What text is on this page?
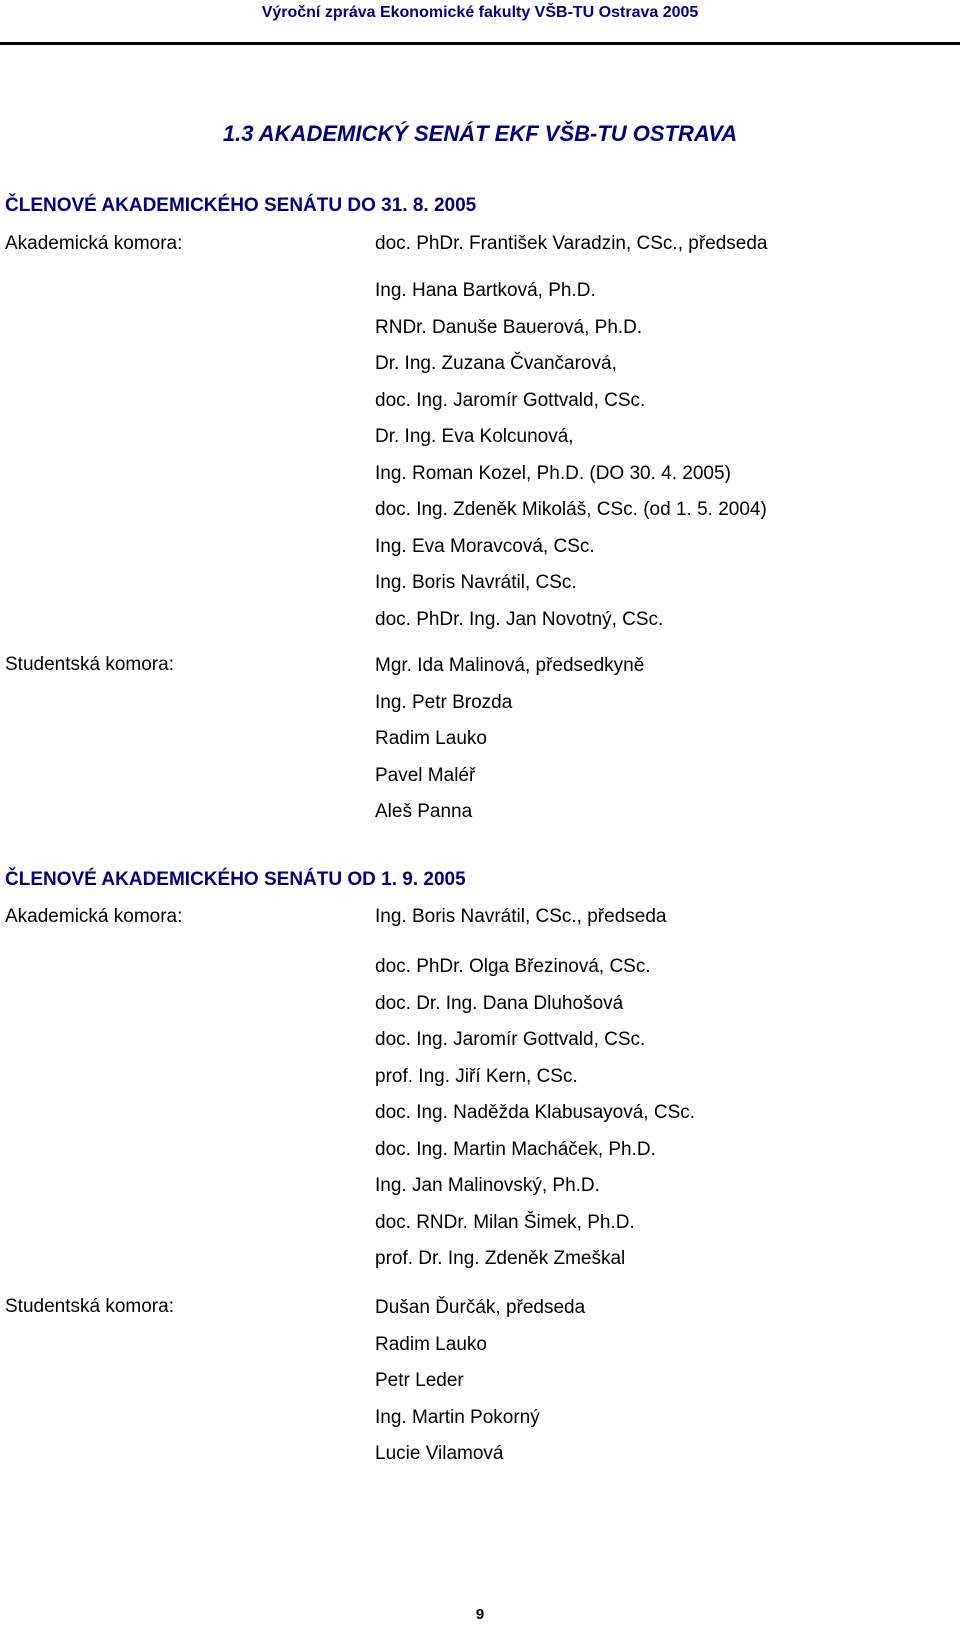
Výroční zpráva Ekonomické fakulty VŠB-TU Ostrava 2005
1.3 AKADEMICKÝ SENÁT EKF VŠB-TU OSTRAVA
ČLENOVÉ AKADEMICKÉHO SENÁTU DO 31. 8. 2005
Akademická komora:	doc. PhDr. František Varadzin, CSc., předseda
Ing. Hana Bartková, Ph.D.
RNDr. Danuše Bauerová, Ph.D.
Dr. Ing. Zuzana Čvančarová,
doc. Ing. Jaromír Gottvald, CSc.
Dr. Ing. Eva Kolcunová,
Ing. Roman Kozel, Ph.D. (DO 30. 4. 2005)
doc. Ing. Zdeněk Mikoláš, CSc. (od 1. 5. 2004)
Ing. Eva Moravcová, CSc.
Ing. Boris Navrátil, CSc.
doc. PhDr. Ing. Jan Novotný, CSc.
Studentská komora:	Mgr. Ida Malinová, předsedkyně
Ing. Petr Brozda
Radim Lauko
Pavel Maléř
Aleš Panna
ČLENOVÉ AKADEMICKÉHO SENÁTU OD 1. 9. 2005
Akademická komora:	Ing. Boris Navrátil, CSc., předseda
doc. PhDr. Olga Březinová, CSc.
doc. Dr. Ing. Dana Dluhošová
doc. Ing. Jaromír Gottvald, CSc.
prof. Ing. Jiří Kern, CSc.
doc. Ing. Naděžda Klabusayová, CSc.
doc. Ing. Martin Macháček, Ph.D.
Ing. Jan Malinovský, Ph.D.
doc. RNDr. Milan Šimek, Ph.D.
prof. Dr. Ing. Zdeněk Zmeškal
Studentská komora:	Dušan Ďurčák, předseda
Radim Lauko
Petr Leder
Ing. Martin Pokorný
Lucie Vilamová
9
